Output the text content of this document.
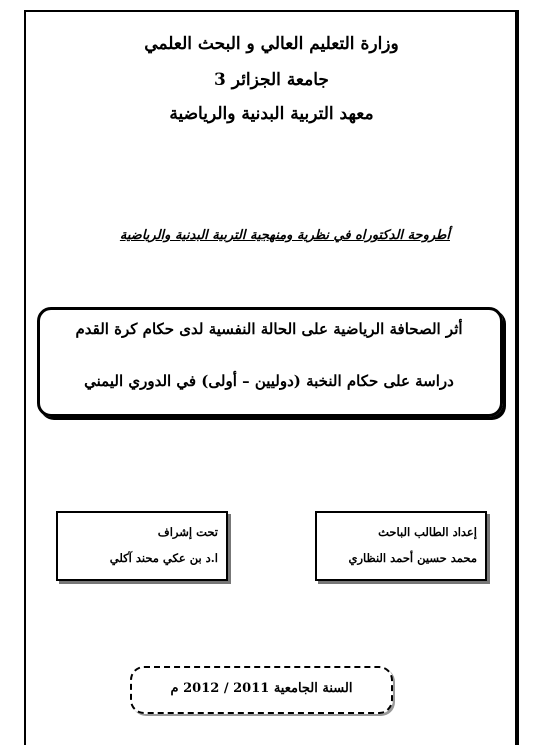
وزارة التعليم العالي و البحث العلمي
جامعة الجزائر 3
معهد التربية البدنية والرياضية
أطروحة الدكتوراه في نظرية ومنهجية التربية البدنية والرياضية
أثر الصحافة الرياضية على الحالة النفسية لدى حكام كرة القدم
دراسة على حكام النخبة (دوليين – أولى) في الدوري اليمني
تحت إشراف
ا.د بن عكي محند آكلي
إعداد الطالب الباحث
محمد حسين أحمد النظاري
السنة الجامعية 2011 / 2012 م
